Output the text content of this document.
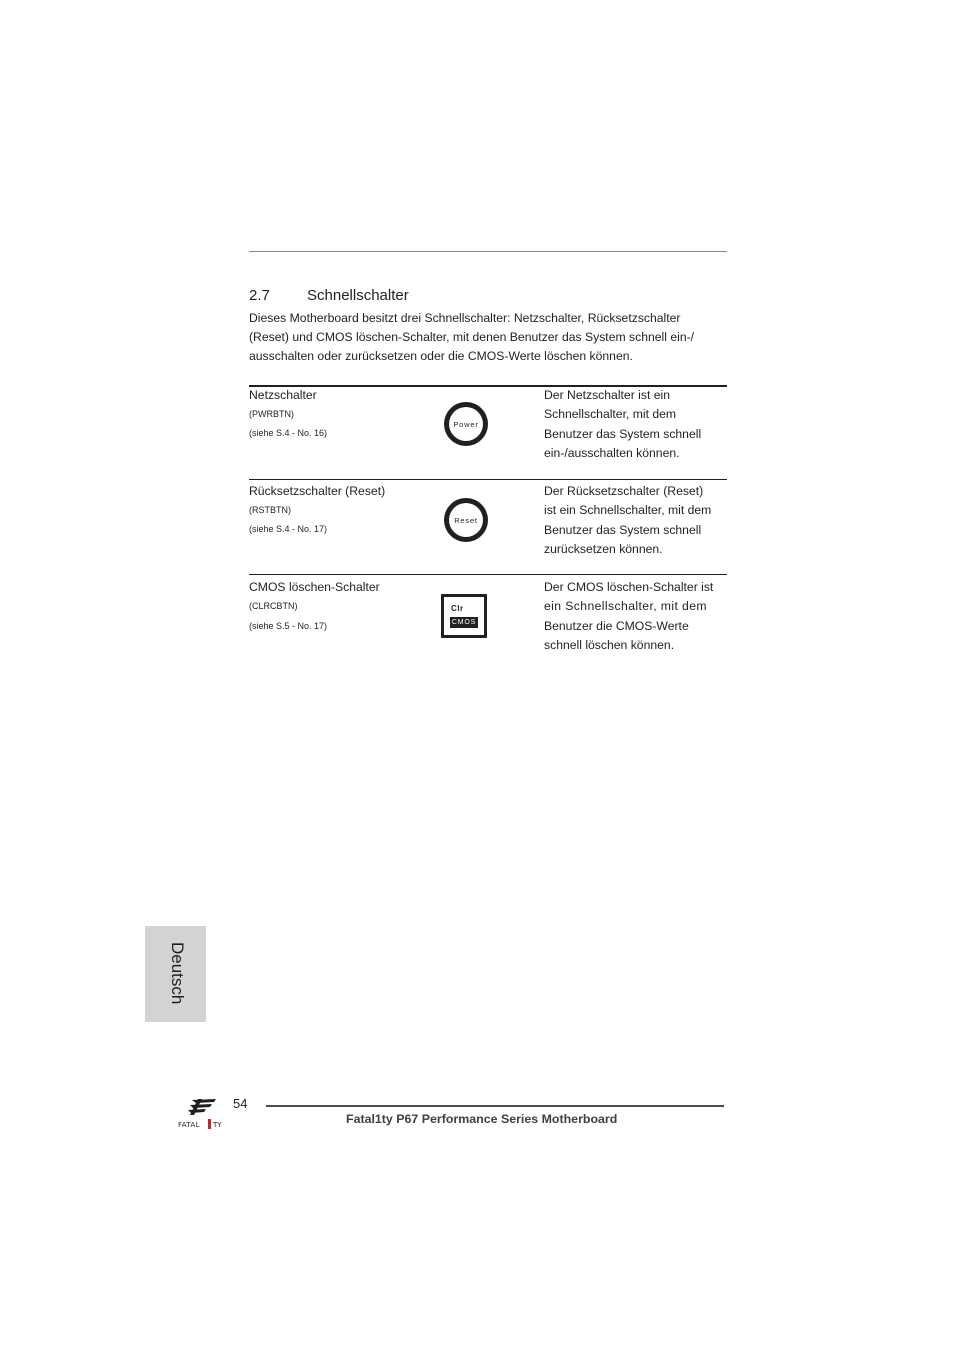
2.7 Schnellschalter
Dieses Motherboard besitzt drei Schnellschalter: Netzschalter, Rücksetzschalter
(Reset) und CMOS löschen-Schalter, mit denen Benutzer das System schnell ein-/
ausschalten oder zurücksetzen oder die CMOS-Werte löschen können.
Netzschalter
(PWRBTN)
(siehe S.4 - No. 16)
Power
Der Netzschalter ist ein
Schnellschalter, mit dem
Benutzer das System schnell
ein-/ausschalten können.
Rücksetzschalter (Reset)
(RSTBTN)
(siehe S.4 - No. 17)
Reset
Der Rücksetzschalter (Reset)
ist ein Schnellschalter, mit dem
Benutzer das System schnell
zurücksetzen können.
CMOS löschen-Schalter
(CLRCBTN)
(siehe S.5 - No. 17)
Clr
CMOS
Der CMOS löschen-Schalter ist
ein Schnellschalter, mit dem
Benutzer die CMOS-Werte
schnell löschen können.
Deutsch
FATAL TY
54
Fatal1ty P67 Performance Series Motherboard
